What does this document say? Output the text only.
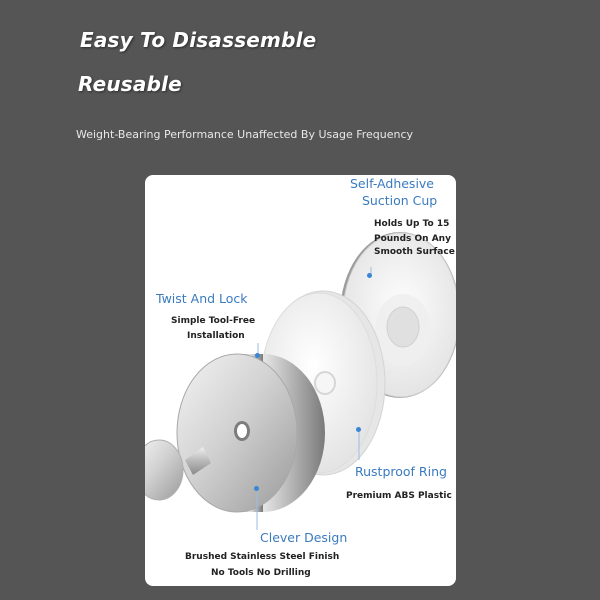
Easy To Disassemble
Reusable
Weight-Bearing Performance Unaffected By Usage Frequency
Self-Adhesive
Suction Cup
Holds Up To 15
Pounds On Any
Smooth Surface
Twist And Lock
Simple Tool-Free
Installation
Rustproof Ring
Premium ABS Plastic
Clever Design
Brushed Stainless Steel Finish
No Tools No Drilling
